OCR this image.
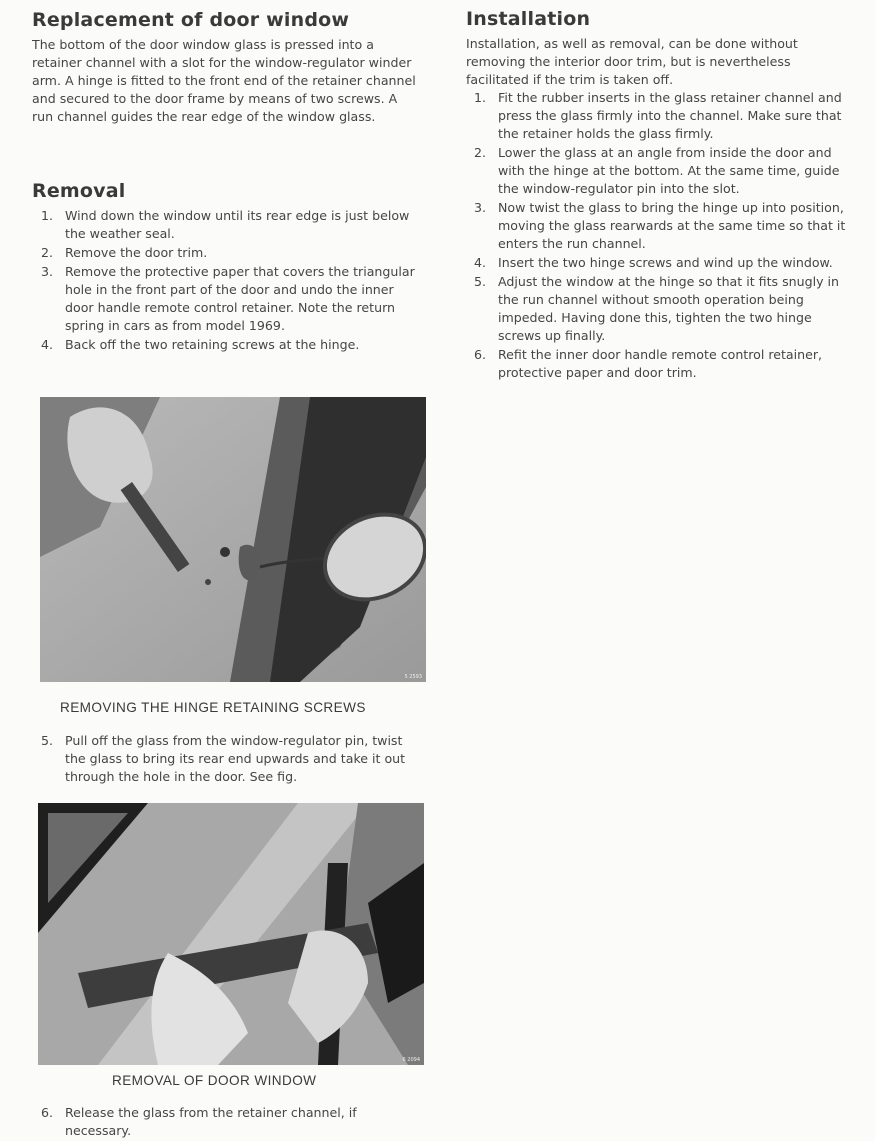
Replacement of door window

The bottom of the door window glass is pressed into a retainer channel with a slot for the window-regulator winder arm. A hinge is fitted to the front end of the retainer channel and secured to the door frame by means of two screws. A run channel guides the rear edge of the window glass.

Removal
1. Wind down the window until its rear edge is just below the weather seal.
2. Remove the door trim.
3. Remove the protective paper that covers the triangular hole in the front part of the door and undo the inner door handle remote control retainer. Note the return spring in cars as from model 1969.
4. Back off the two retaining screws at the hinge.
5 2593

REMOVING THE HINGE RETAINING SCREWS

5. Pull off the glass from the window-regulator pin, twist the glass to bring its rear end upwards and take it out through the hole in the door. See fig.
6 2094

REMOVAL OF DOOR WINDOW

6. Release the glass from the retainer channel, if necessary.
Installation

Installation, as well as removal, can be done without removing the interior door trim, but is nevertheless facilitated if the trim is taken off.

1. Fit the rubber inserts in the glass retainer channel and press the glass firmly into the channel. Make sure that the retainer holds the glass firmly.
2. Lower the glass at an angle from inside the door and with the hinge at the bottom. At the same time, guide the window-regulator pin into the slot.
3. Now twist the glass to bring the hinge up into position, moving the glass rearwards at the same time so that it enters the run channel.
4. Insert the two hinge screws and wind up the window.
5. Adjust the window at the hinge so that it fits snugly in the run channel without smooth operation being impeded. Having done this, tighten the two hinge screws up finally.
6. Refit the inner door handle remote control retainer, protective paper and door trim.
